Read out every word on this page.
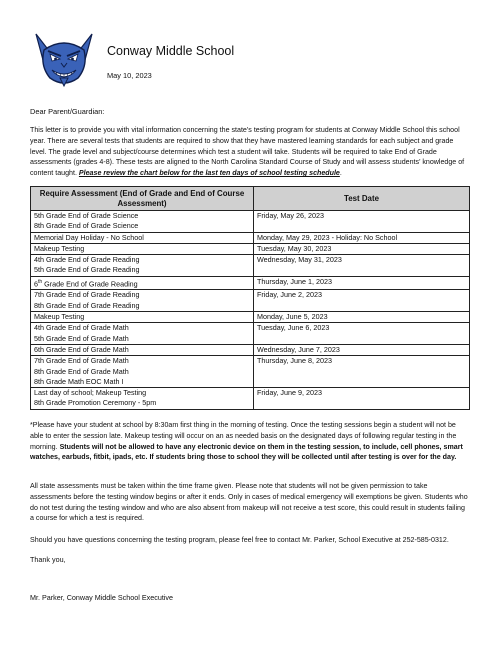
Conway Middle School
May 10, 2023
Dear Parent/Guardian:

This letter is to provide you with vital information concerning the state’s testing program for students at Conway Middle School this school year. There are several tests that students are required to show that they have mastered learning standards for each subject and grade level. The grade level and subject/course determines which test a student will take. Students will be required to take End of Grade assessments (grades 4-8). These tests are aligned to the North Carolina Standard Course of Study and will assess students’ knowledge of content taught. Please review the chart below for the last ten days of school testing schedule.

Require Assessment (End of Grade and End of Course Assessment)	Test Date

5th Grade End of Grade Science
8th Grade End of Grade Science	Friday, May 26, 2023

Memorial Day Holiday - No School	Monday, May 29, 2023 - Holiday: No School

Makeup Testing	Tuesday, May 30, 2023

4th Grade End of Grade Reading
5th Grade End of Grade Reading	Wednesday, May 31, 2023

6th Grade End of Grade Reading	Thursday, June 1, 2023

7th Grade End of Grade Reading
8th Grade End of Grade Reading	Friday, June 2, 2023

Makeup Testing	Monday, June 5, 2023

4th Grade End of Grade Math
5th Grade End of Grade Math	Tuesday, June 6, 2023

6th Grade End of Grade Math	Wednesday, June 7, 2023

7th Grade End of Grade Math
8th Grade End of Grade Math
8th Grade Math EOC Math I	Thursday, June 8, 2023

Last day of school; Makeup Testing
8th Grade Promotion Ceremony - 5pm	Friday, June 9, 2023

*Please have your student at school by 8:30am first thing in the morning of testing. Once the testing sessions begin a student will not be able to enter the session late. Makeup testing will occur on an as needed basis on the designated days of following regular testing in the morning. Students will not be allowed to have any electronic device on them in the testing session, to include, cell phones, smart watches, earbuds, fitbit, ipads, etc. If students bring those to school they will be collected until after testing is over for the day.

All state assessments must be taken within the time frame given. Please note that students will not be given permission to take assessments before the testing window begins or after it ends. Only in cases of medical emergency will exemptions be given. Students who do not test during the testing window and who are also absent from makeup will not receive a test score, this could result in students failing a course for which a test is required.

Should you have questions concerning the testing program, please feel free to contact Mr. Parker, School Executive at 252-585-0312.

Thank you,
Mr. Parker, Conway Middle School Executive
